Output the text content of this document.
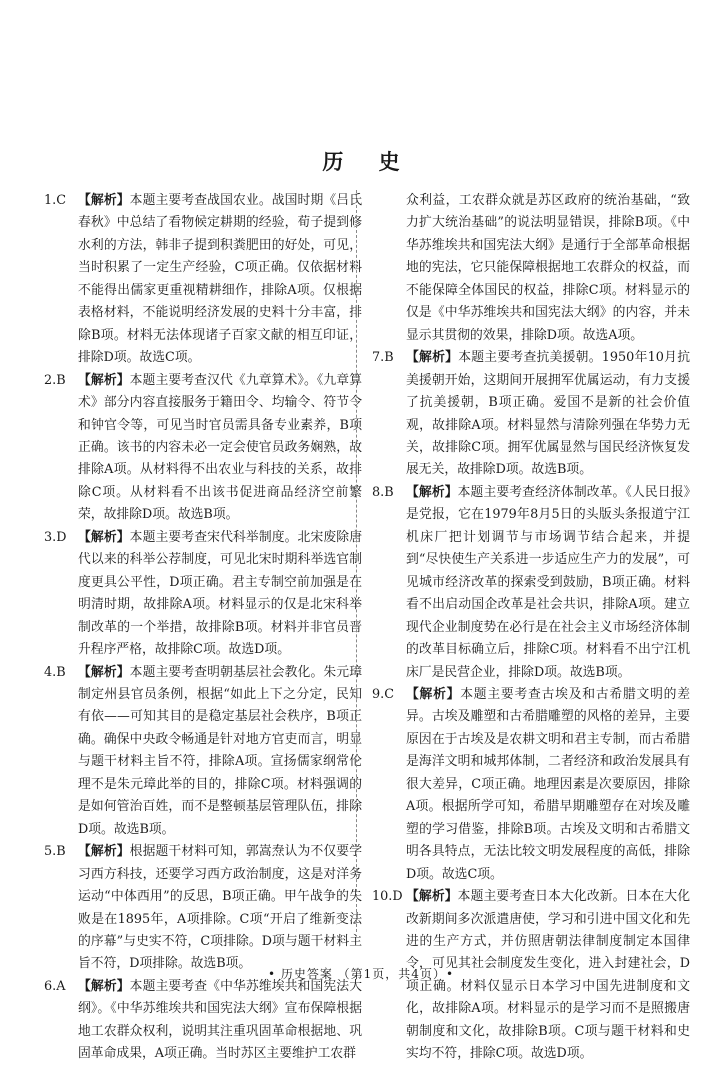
历 史
1.C 【解析】本题主要考查战国农业。战国时期《吕氏春秋》中总结了看物候定耕期的经验，荀子提到修水利的方法，韩非子提到积粪肥田的好处，可见，当时积累了一定生产经验，C项正确。仅依据材料不能得出儒家更重视精耕细作，排除A项。仅根据表格材料，不能说明经济发展的史料十分丰富，排除B项。材料无法体现诸子百家文献的相互印证，排除D项。故选C项。
2.B 【解析】本题主要考查汉代《九章算术》。《九章算术》部分内容直接服务于籍田令、均输令、符节令和钟官令等，可见当时官员需具备专业素养，B项正确。该书的内容未必一定会使官员政务娴熟，故排除A项。从材料得不出农业与科技的关系，故排除C项。从材料看不出该书促进商品经济空前繁荣，故排除D项。故选B项。
3.D 【解析】本题主要考查宋代科举制度。北宋废除唐代以来的科举公荐制度，可见北宋时期科举选官制度更具公平性，D项正确。君主专制空前加强是在明清时期，故排除A项。材料显示的仅是北宋科举制改革的一个举措，故排除B项。材料并非官员晋升程序严格，故排除C项。故选D项。
4.B 【解析】本题主要考查明朝基层社会教化。朱元璋制定州县官员条例，根据“如此上下之分定，民知有依——可知其目的是稳定基层社会秩序，B项正确。确保中央政令畅通是针对地方官吏而言，明显与题干材料主旨不符，排除A项。宣扬儒家纲常伦理不是朱元璋此举的目的，排除C项。材料强调的是如何管治百姓，而不是整顿基层管理队伍，排除D项。故选B项。
5.B 【解析】根据题干材料可知，郭嵩焘认为不仅要学习西方科技，还要学习西方政治制度，这是对洋务运动“中体西用”的反思，B项正确。甲午战争的失败是在1895年，A项排除。C项“开启了维新变法的序幕”与史实不符，C项排除。D项与题干材料主旨不符，D项排除。故选B项。
6.A 【解析】本题主要考查《中华苏维埃共和国宪法大纲》。《中华苏维埃共和国宪法大纲》宣布保障根据地工农群众权利，说明其注重巩固革命根据地、巩固革命成果，A项正确。当时苏区主要维护工农群
众利益，工农群众就是苏区政府的统治基础，“致力扩大统治基础”的说法明显错误，排除B项。《中华苏维埃共和国宪法大纲》是通行于全部革命根据地的宪法，它只能保障根据地工农群众的权益，而不能保障全体国民的权益，排除C项。材料显示的仅是《中华苏维埃共和国宪法大纲》的内容，并未显示其贯彻的效果，排除D项。故选A项。
7.B 【解析】本题主要考查抗美援朝。1950年10月抗美援朝开始，这期间开展拥军优属运动，有力支援了抗美援朝，B项正确。爱国不是新的社会价值观，故排除A项。材料显然与清除列强在华势力无关，故排除C项。拥军优属显然与国民经济恢复发展无关，故排除D项。故选B项。
8.B 【解析】本题主要考查经济体制改革。《人民日报》是党报，它在1979年8月5日的头版头条报道宁江机床厂把计划调节与市场调节结合起来，并提到“尽快使生产关系进一步适应生产力的发展”，可见城市经济改革的探索受到鼓励，B项正确。材料看不出启动国企改革是社会共识，排除A项。建立现代企业制度势在必行是在社会主义市场经济体制的改革目标确立后，排除C项。材料看不出宁江机床厂是民营企业，排除D项。故选B项。
9.C 【解析】本题主要考查古埃及和古希腊文明的差异。古埃及雕塑和古希腊雕塑的风格的差异，主要原因在于古埃及是农耕文明和君主专制，而古希腊是海洋文明和城邦体制，二者经济和政治发展具有很大差异，C项正确。地理因素是次要原因，排除A项。根据所学可知，希腊早期雕塑存在对埃及雕塑的学习借鉴，排除B项。古埃及文明和古希腊文明各具特点，无法比较文明发展程度的高低，排除D项。故选C项。
10.D 【解析】本题主要考查日本大化改新。日本在大化改新期间多次派遣唐使，学习和引进中国文化和先进的生产方式，并仿照唐朝法律制度制定本国律令，可见其社会制度发生变化，进入封建社会，D项正确。材料仅显示日本学习中国先进制度和文化，故排除A项。材料显示的是学习而不是照搬唐朝制度和文化，故排除B项。C项与题干材料和史实均不符，排除C项。故选D项。
• 历史答案 （第1页，共4页）•
